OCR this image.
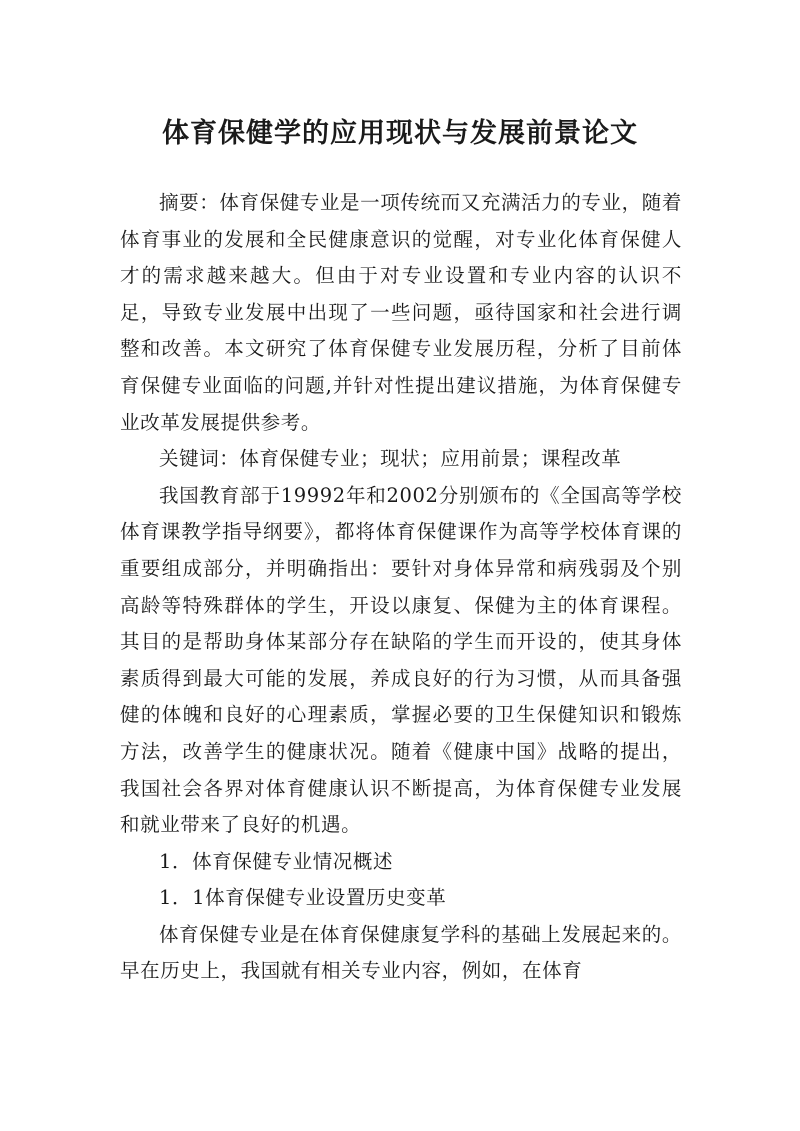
体育保健学的应用现状与发展前景论文

摘要：体育保健专业是一项传统而又充满活力的专业，随着体育事业的发展和全民健康意识的觉醒，对专业化体育保健人才的需求越来越大。但由于对专业设置和专业内容的认识不足，导致专业发展中出现了一些问题，亟待国家和社会进行调整和改善。本文研究了体育保健专业发展历程，分析了目前体育保健专业面临的问题,并针对性提出建议措施，为体育保健专业改革发展提供参考。

关键词：体育保健专业；现状；应用前景；课程改革

我国教育部于19992年和2002分别颁布的《全国高等学校体育课教学指导纲要》，都将体育保健课作为高等学校体育课的重要组成部分，并明确指出：要针对身体异常和病残弱及个别高龄等特殊群体的学生，开设以康复、保健为主的体育课程。其目的是帮助身体某部分存在缺陷的学生而开设的，使其身体素质得到最大可能的发展，养成良好的行为习惯，从而具备强健的体魄和良好的心理素质，掌握必要的卫生保健知识和锻炼方法，改善学生的健康状况。随着《健康中国》战略的提出，我国社会各界对体育健康认识不断提高，为体育保健专业发展和就业带来了良好的机遇。

1．体育保健专业情况概述

1．1体育保健专业设置历史变革

体育保健专业是在体育保健康复学科的基础上发展起来的。早在历史上，我国就有相关专业内容，例如，在体育
